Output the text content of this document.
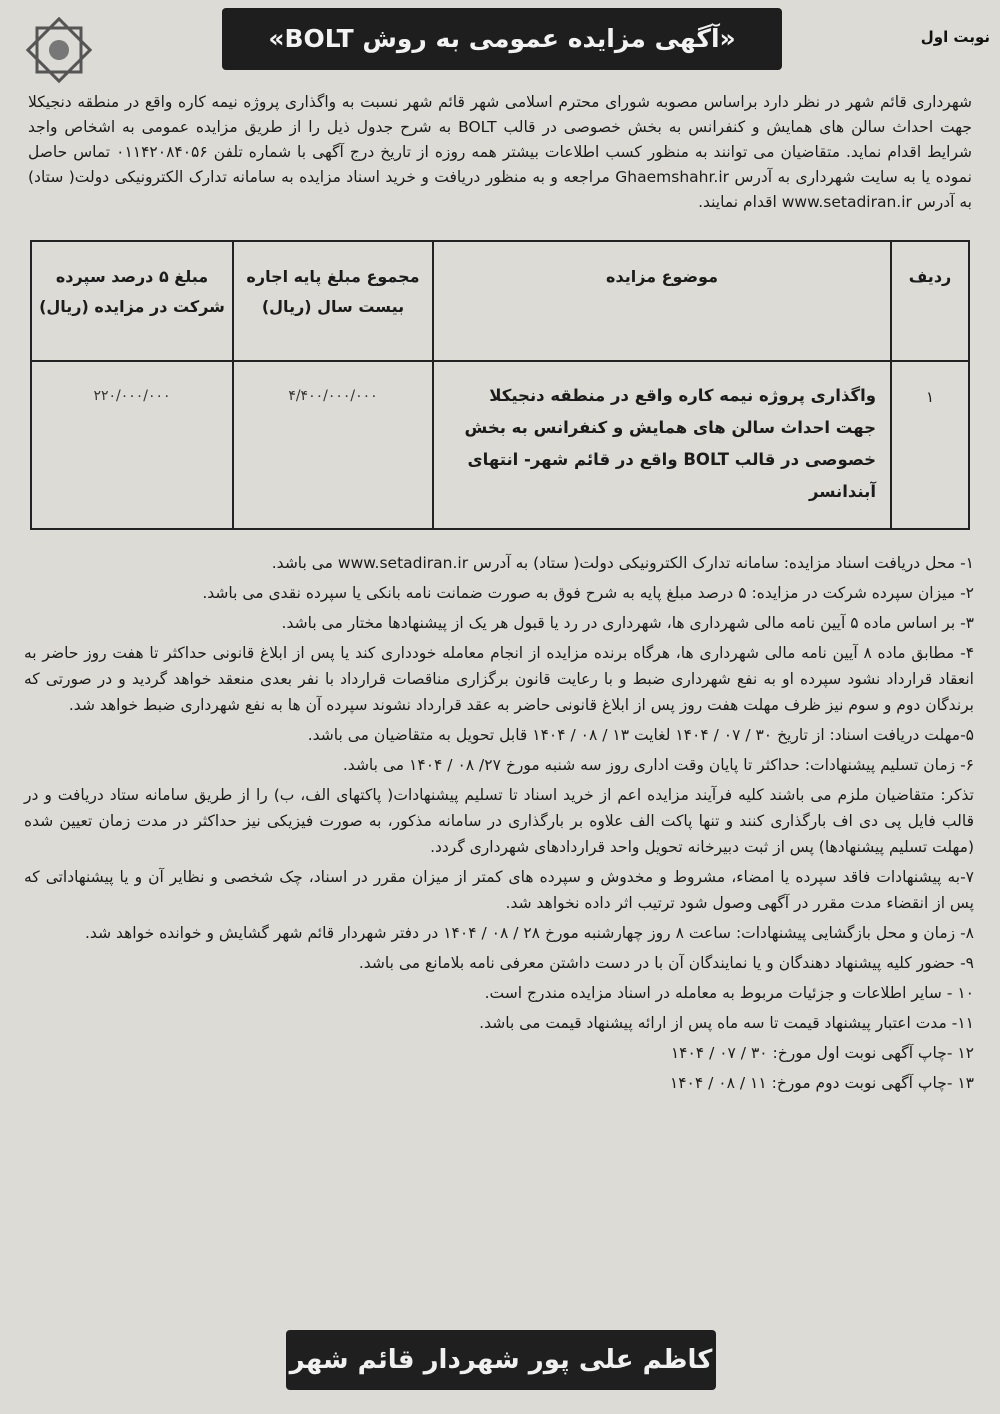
نوبت اول
«آگهی مزایده عمومی به روش BOLT»
شهرداری قائم شهر در نظر دارد براساس مصوبه شورای محترم اسلامی شهر قائم شهر نسبت به واگذاری پروژه نیمه کاره واقع در منطقه دنجیکلا جهت احداث سالن های همایش و کنفرانس به بخش خصوصی در قالب BOLT به شرح جدول ذیل را از طریق مزایده عمومی به اشخاص واجد شرایط اقدام نماید. متقاضیان می توانند به منظور کسب اطلاعات بیشتر همه روزه از تاریخ درج آگهی با شماره تلفن ۰۱۱۴۲۰۸۴۰۵۶ تماس حاصل نموده یا به سایت شهرداری به آدرس Ghaemshahr.ir مراجعه و به منظور دریافت و خرید اسناد مزایده به سامانه تدارک الکترونیکی دولت( ستاد) به آدرس www.setadiran.ir اقدام نمایند.
ردیف
موضوع مزایده
مجموع مبلغ پایه اجاره بیست سال (ریال)
مبلغ ۵ درصد سپرده شرکت در مزایده (ریال)
۱
واگذاری پروژه نیمه کاره واقع در منطقه دنجیکلا جهت احداث سالن های همایش و کنفرانس به بخش خصوصی در قالب BOLT واقع در قائم شهر- انتهای آبندانسر
۴/۴۰۰/۰۰۰/۰۰۰
۲۲۰/۰۰۰/۰۰۰

۱- محل دریافت اسناد مزایده: سامانه تدارک الکترونیکی دولت( ستاد) به آدرس www.setadiran.ir می باشد.

۲- میزان سپرده شرکت در مزایده: ۵ درصد مبلغ پایه به شرح فوق به صورت ضمانت نامه بانکی یا سپرده نقدی می باشد.

۳- بر اساس ماده ۵ آیین نامه مالی شهرداری ها، شهرداری در رد یا قبول هر یک از پیشنهادها مختار می باشد.

۴- مطابق ماده ۸ آیین نامه مالی شهرداری ها، هرگاه برنده مزایده از انجام معامله خودداری کند یا پس از ابلاغ قانونی حداکثر تا هفت روز حاضر به انعقاد قرارداد نشود سپرده او به نفع شهرداری ضبط و با رعایت قانون برگزاری مناقصات قرارداد با نفر بعدی منعقد خواهد گردید و در صورتی که برندگان دوم و سوم نیز ظرف مهلت هفت روز پس از ابلاغ قانونی حاضر به عقد قرارداد نشوند سپرده آن ها به نفع شهرداری ضبط خواهد شد.

۵-مهلت دریافت اسناد: از تاریخ ۳۰ / ۰۷ / ۱۴۰۴ لغایت ۱۳ / ۰۸ / ۱۴۰۴ قابل تحویل به متقاضیان می باشد.

۶- زمان تسلیم پیشنهادات: حداکثر تا پایان وقت اداری روز سه شنبه مورخ ۲۷/ ۰۸ / ۱۴۰۴ می باشد.

تذکر: متقاضیان ملزم می باشند کلیه فرآیند مزایده اعم از خرید اسناد تا تسلیم پیشنهادات( پاکتهای الف، ب) را از طریق سامانه ستاد دریافت و در قالب فایل پی دی اف بارگذاری کنند و تنها پاکت الف علاوه بر بارگذاری در سامانه مذکور، به صورت فیزیکی نیز حداکثر در مدت زمان تعیین شده (مهلت تسلیم پیشنهادها) پس از ثبت دبیرخانه تحویل واحد قراردادهای شهرداری گردد.

۷-به پیشنهادات فاقد سپرده یا امضاء، مشروط و مخدوش و سپرده های کمتر از میزان مقرر در اسناد، چک شخصی و نظایر آن و یا پیشنهاداتی که پس از انقضاء مدت مقرر در آگهی وصول شود ترتیب اثر داده نخواهد شد.

۸- زمان و محل بازگشایی پیشنهادات: ساعت ۸ روز چهارشنبه مورخ ۲۸ / ۰۸ / ۱۴۰۴ در دفتر شهردار قائم شهر گشایش و خوانده خواهد شد.

۹- حضور کلیه پیشنهاد دهندگان و یا نمایندگان آن با در دست داشتن معرفی نامه بلامانع می باشد.

۱۰ - سایر اطلاعات و جزئیات مربوط به معامله در اسناد مزایده مندرج است.

۱۱- مدت اعتبار پیشنهاد قیمت تا سه ماه پس از ارائه پیشنهاد قیمت می باشد.

۱۲ -چاپ آگهی نوبت اول مورخ: ۳۰ / ۰۷ / ۱۴۰۴

۱۳ -چاپ آگهی نوبت دوم مورخ: ۱۱ / ۰۸ / ۱۴۰۴

کاظم علی پور شهردار قائم شهر
